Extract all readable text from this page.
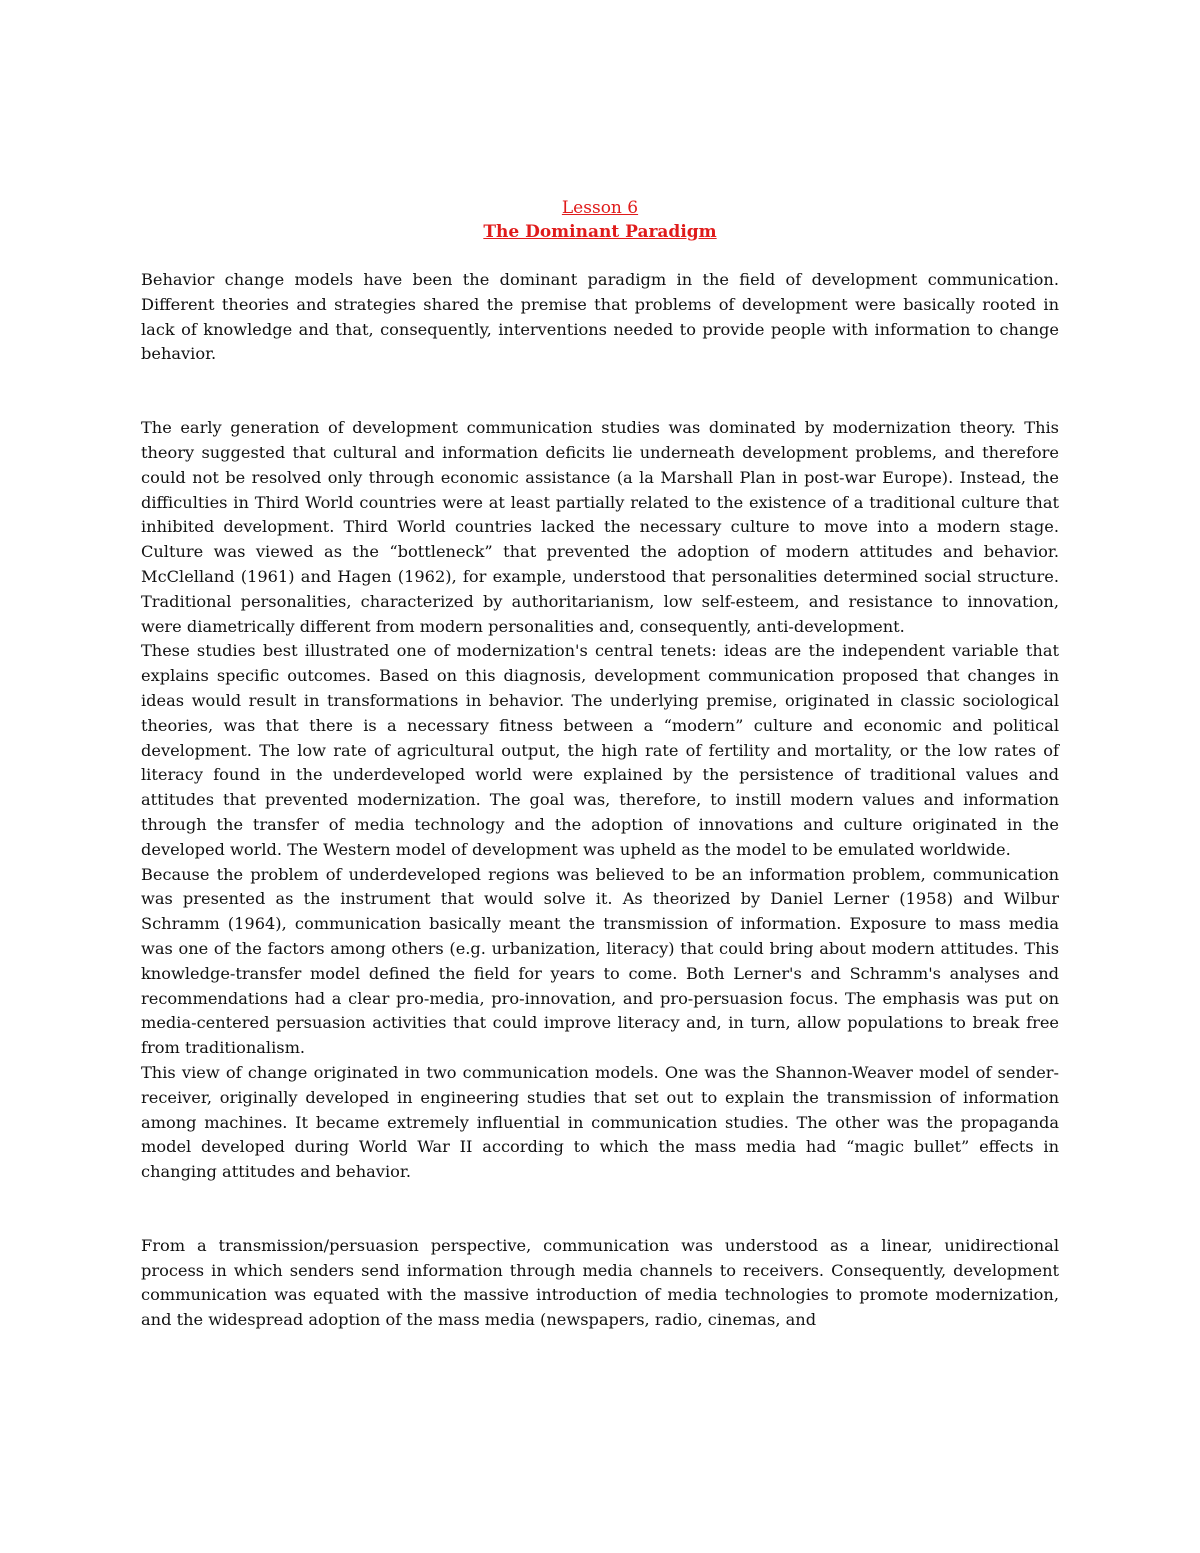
Lesson 6
The Dominant Paradigm

Behavior change models have been the dominant paradigm in the field of development communication. Different theories and strategies shared the premise that problems of development were basically rooted in lack of knowledge and that, consequently, interventions needed to provide people with information to change behavior.

The early generation of development communication studies was dominated by modernization theory. This theory suggested that cultural and information deficits lie underneath development problems, and therefore could not be resolved only through economic assistance (a la Marshall Plan in post-war Europe). Instead, the difficulties in Third World countries were at least partially related to the existence of a traditional culture that inhibited development. Third World countries lacked the necessary culture to move into a modern stage. Culture was viewed as the “bottleneck” that prevented the adoption of modern attitudes and behavior. McClelland (1961) and Hagen (1962), for example, understood that personalities determined social structure. Traditional personalities, characterized by authoritarianism, low self-esteem, and resistance to innovation, were diametrically different from modern personalities and, consequently, anti-development.

These studies best illustrated one of modernization's central tenets: ideas are the independent variable that explains specific outcomes. Based on this diagnosis, development communication proposed that changes in ideas would result in transformations in behavior. The underlying premise, originated in classic sociological theories, was that there is a necessary fitness between a “modern” culture and economic and political development. The low rate of agricultural output, the high rate of fertility and mortality, or the low rates of literacy found in the underdeveloped world were explained by the persistence of traditional values and attitudes that prevented modernization. The goal was, therefore, to instill modern values and information through the transfer of media technology and the adoption of innovations and culture originated in the developed world. The Western model of development was upheld as the model to be emulated worldwide.

Because the problem of underdeveloped regions was believed to be an information problem, communication was presented as the instrument that would solve it. As theorized by Daniel Lerner (1958) and Wilbur Schramm (1964), communication basically meant the transmission of information. Exposure to mass media was one of the factors among others (e.g. urbanization, literacy) that could bring about modern attitudes. This knowledge-transfer model defined the field for years to come. Both Lerner's and Schramm's analyses and recommendations had a clear pro-media, pro-innovation, and pro-persuasion focus. The emphasis was put on media-centered persuasion activities that could improve literacy and, in turn, allow populations to break free from traditionalism.

This view of change originated in two communication models. One was the Shannon-Weaver model of sender-receiver, originally developed in engineering studies that set out to explain the transmission of information among machines. It became extremely influential in communication studies. The other was the propaganda model developed during World War II according to which the mass media had “magic bullet” effects in changing attitudes and behavior.

From a transmission/persuasion perspective, communication was understood as a linear, unidirectional process in which senders send information through media channels to receivers. Consequently, development communication was equated with the massive introduction of media technologies to promote modernization, and the widespread adoption of the mass media (newspapers, radio, cinemas, and
